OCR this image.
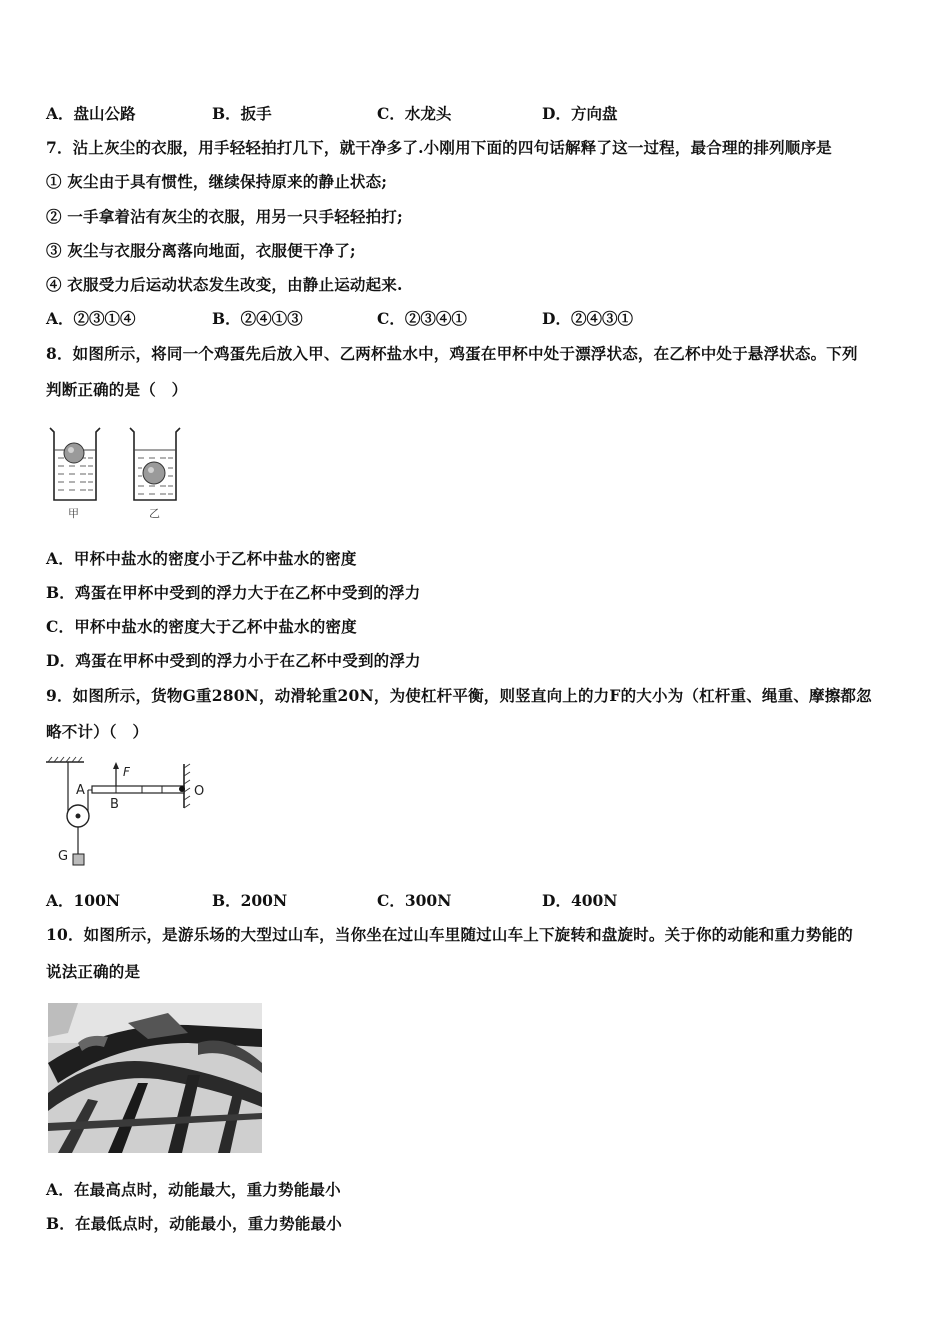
A．盘山公路	B．扳手	C．水龙头	D．方向盘
7．沾上灰尘的衣服，用手轻轻拍打几下，就干净多了.小刚用下面的四句话解释了这一过程，最合理的排列顺序是
① 灰尘由于具有惯性，继续保持原来的静止状态;
② 一手拿着沾有灰尘的衣服，用另一只手轻轻拍打;
③ 灰尘与衣服分离落向地面，衣服便干净了;
④ 衣服受力后运动状态发生改变，由静止运动起来.
A．②③①④	B．②④①③	C．②③④①	D．②④③①
8．如图所示，将同一个鸡蛋先后放入甲、乙两杯盐水中，鸡蛋在甲杯中处于漂浮状态，在乙杯中处于悬浮状态。下列
判断正确的是（　）
甲	乙
A．甲杯中盐水的密度小于乙杯中盐水的密度
B．鸡蛋在甲杯中受到的浮力大于在乙杯中受到的浮力
C．甲杯中盐水的密度大于乙杯中盐水的密度
D．鸡蛋在甲杯中受到的浮力小于在乙杯中受到的浮力
9．如图所示，货物G重280N，动滑轮重20N，为使杠杆平衡，则竖直向上的力F的大小为（杠杆重、绳重、摩擦都忽
略不计）（　）
A
B
F
O
G
A．100N	B．200N	C．300N	D．400N
10．如图所示，是游乐场的大型过山车，当你坐在过山车里随过山车上下旋转和盘旋时。关于你的动能和重力势能的
说法正确的是
A．在最高点时，动能最大，重力势能最小
B．在最低点时，动能最小，重力势能最小
